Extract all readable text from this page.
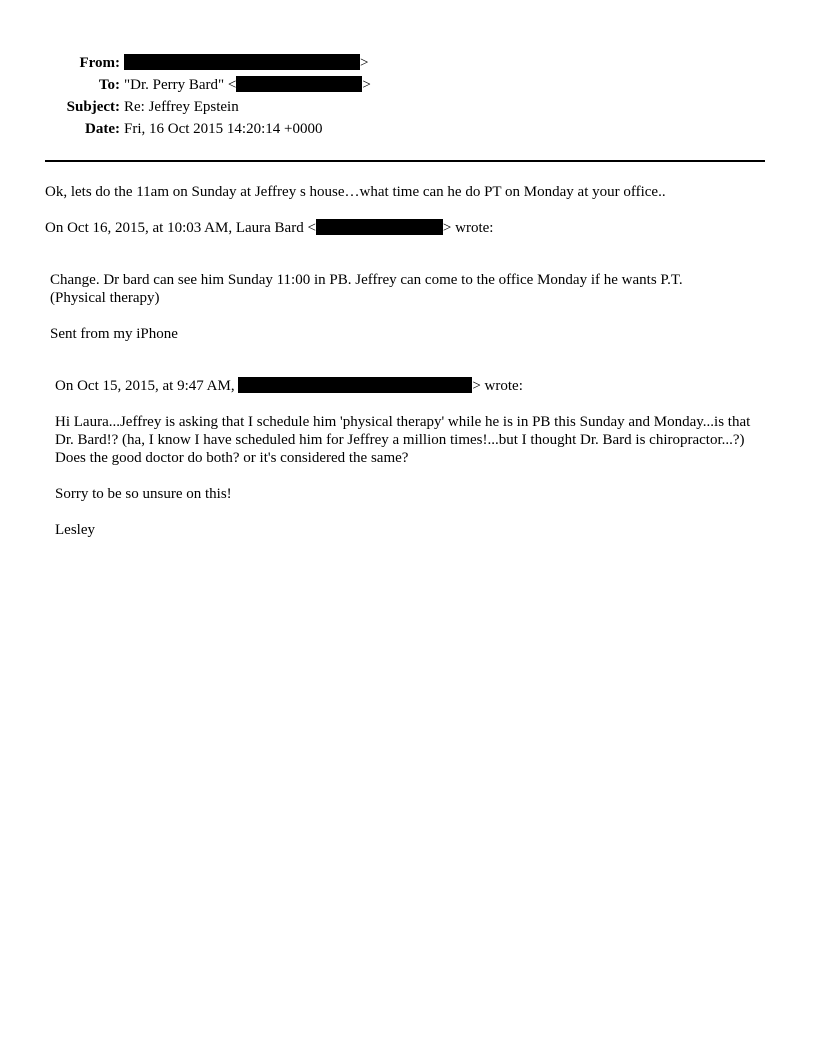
From:	>
To: "Dr. Perry Bard" <	>
Subject: Re: Jeffrey Epstein
Date: Fri, 16 Oct 2015 14:20:14 +0000
Ok, lets do the 11am on Sunday at Jeffrey s house…what time can he do PT on Monday at your office..
On Oct 16, 2015, at 10:03 AM, Laura Bard <	> wrote:
Change. Dr bard can see him Sunday 11:00 in PB. Jeffrey can come to the office Monday if he wants P.T. (Physical therapy)
Sent from my iPhone
On Oct 15, 2015, at 9:47 AM,	> wrote:
Hi Laura...Jeffrey is asking that I schedule him 'physical therapy' while he is in PB this Sunday and Monday...is that Dr. Bard!? (ha, I know I have scheduled him for Jeffrey a million times!...but I thought Dr. Bard is chiropractor...?) Does the good doctor do both? or it's considered the same?
Sorry to be so unsure on this!
Lesley
